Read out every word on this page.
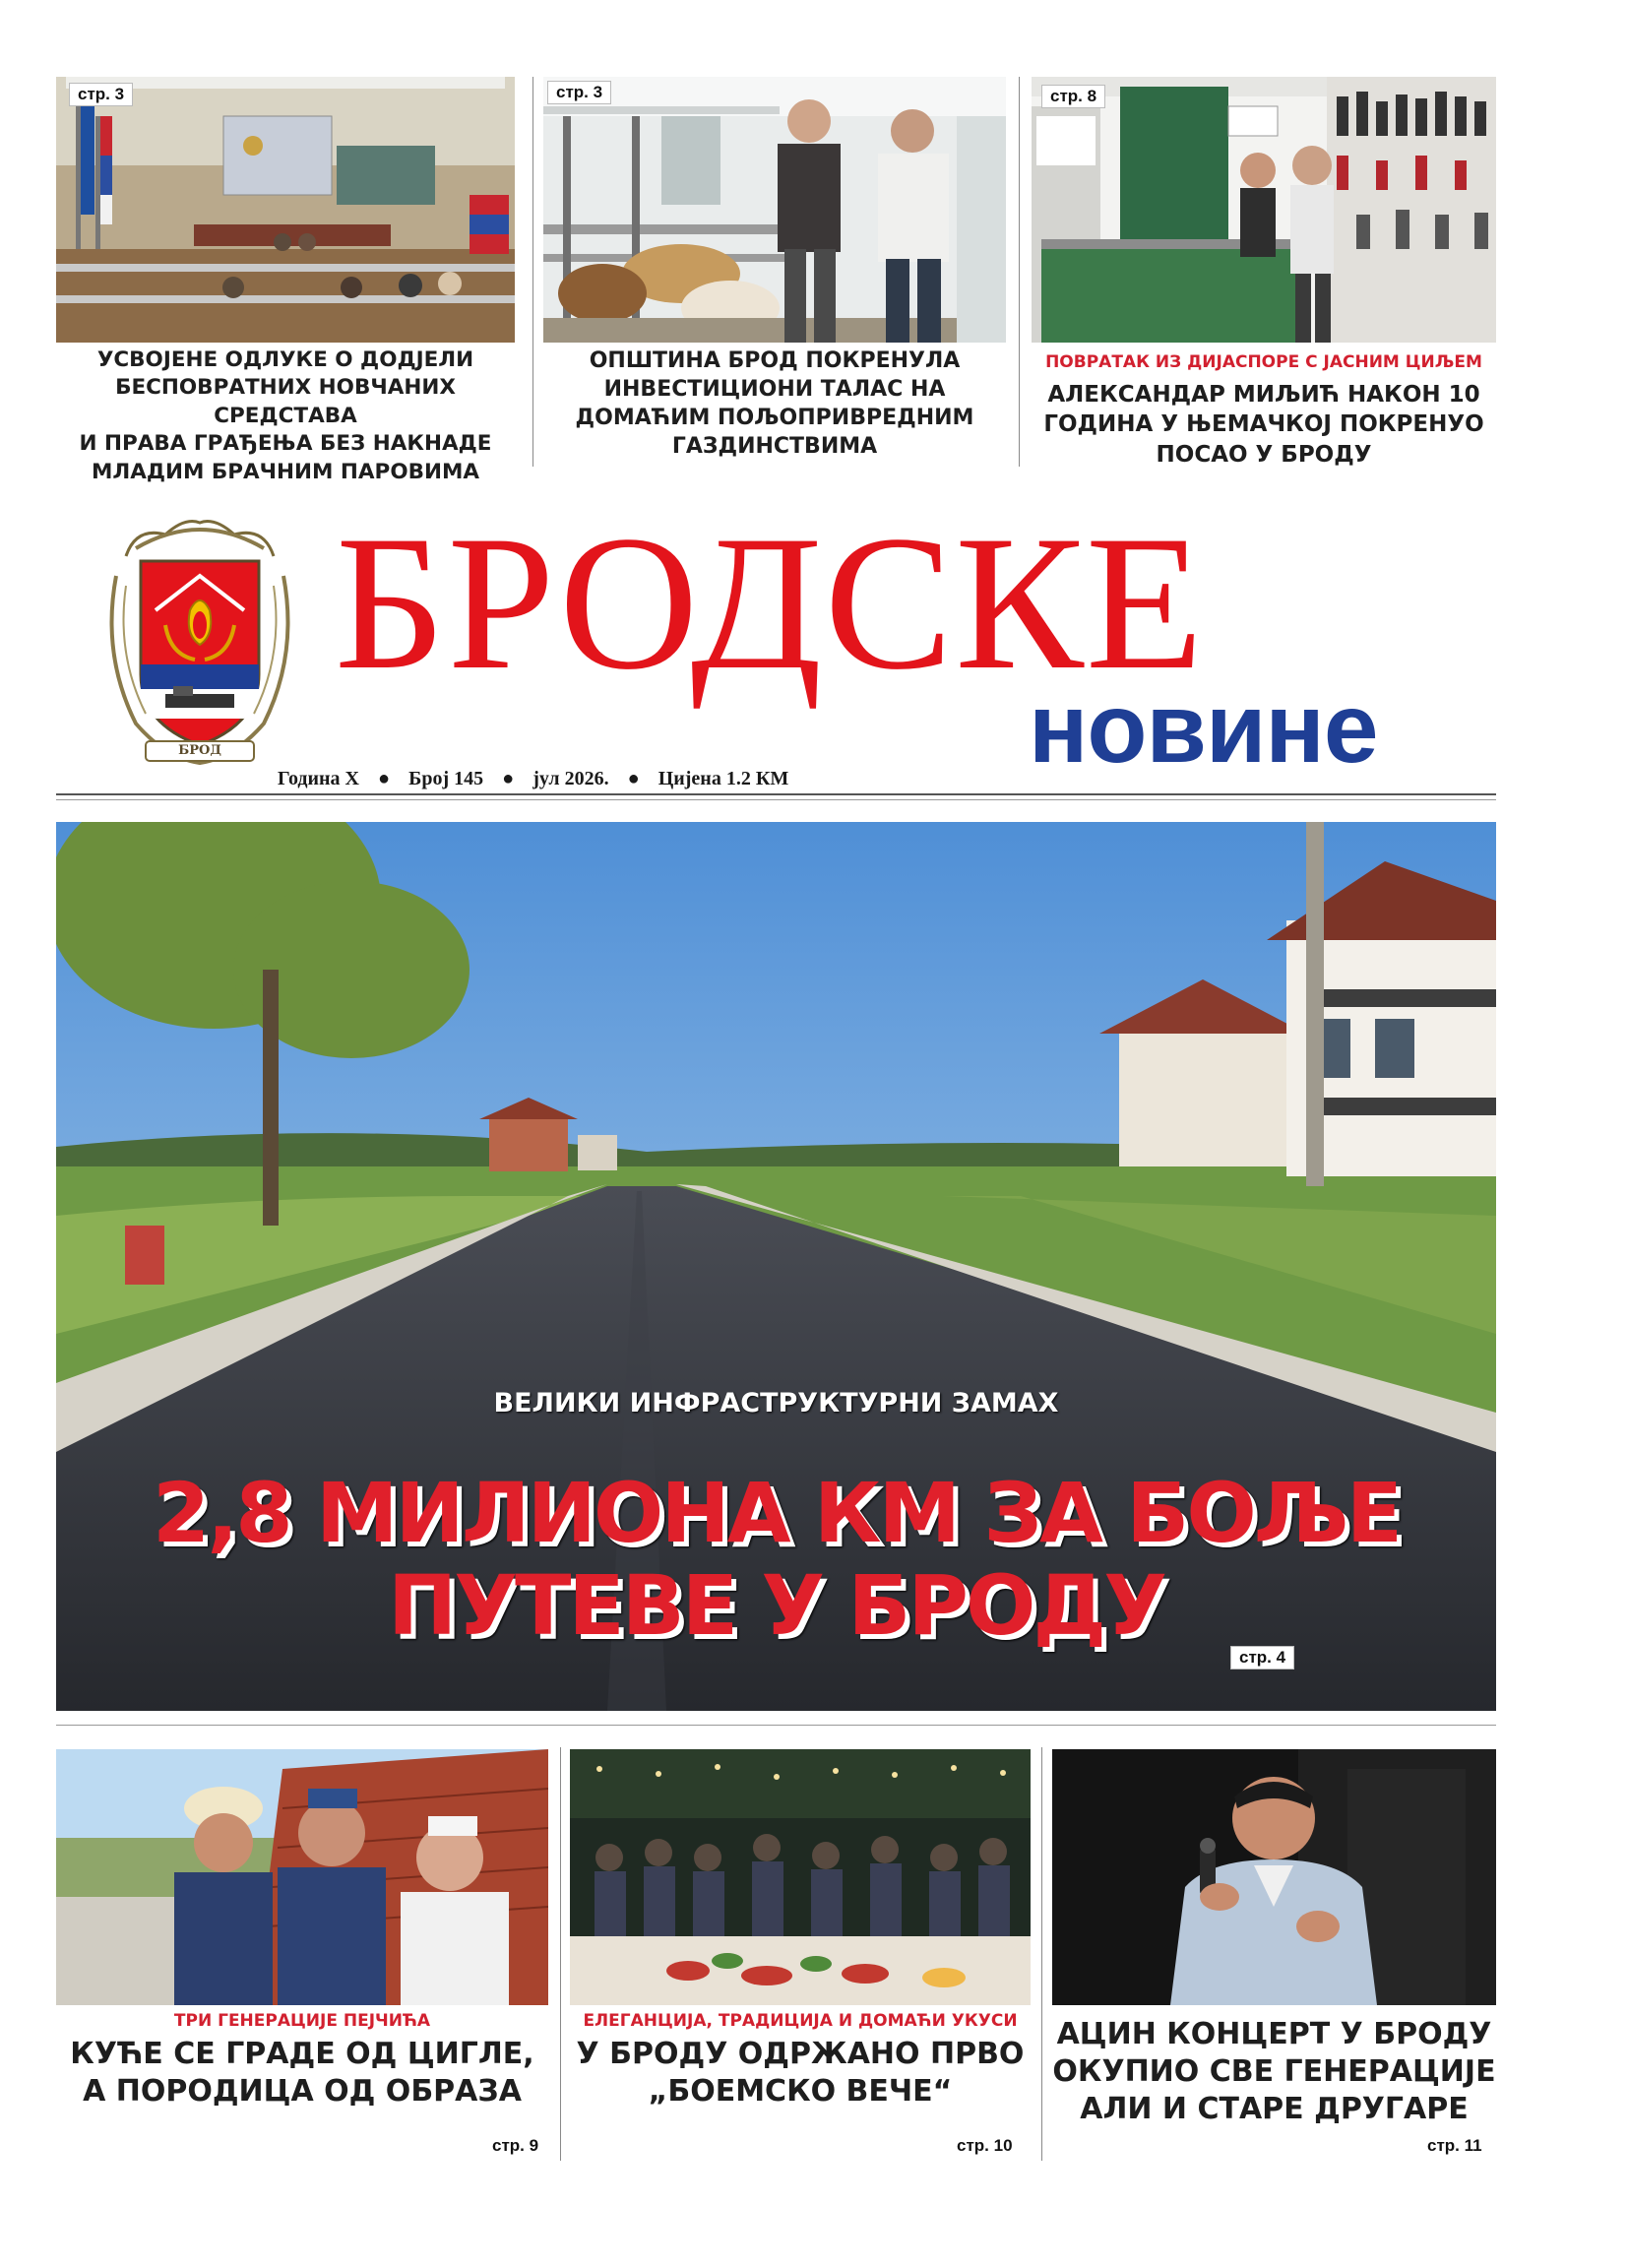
стр. 3
УСВОЈЕНЕ ОДЛУКЕ О ДОДЈЕЛИ
БЕСПОВРАТНИХ НОВЧАНИХ СРЕДСТАВА
И ПРАВА ГРАЂЕЊА БЕЗ НАКНАДЕ
МЛАДИМ БРАЧНИМ ПАРОВИМА
стр. 3
ОПШТИНА БРОД ПОКРЕНУЛА
ИНВЕСТИЦИОНИ ТАЛАС НА
ДОМАЋИМ ПОЉОПРИВРЕДНИМ
ГАЗДИНСТВИМА
стр. 8
ПОВРАТАК ИЗ ДИЈАСПОРЕ С ЈАСНИМ ЦИЉЕМ
АЛЕКСАНДАР МИЉИЋ НАКОН 10
ГОДИНА У ЊЕМАЧКОЈ ПОКРЕНУО
ПОСАО У БРОДУ
БРОД
БРОДСКЕ
новине
Година X ● Број 145 ● јул 2026. ● Цијена 1.2 КМ
ВЕЛИКИ ИНФРАСТРУКТУРНИ ЗАМАХ
2,8 МИЛИОНА КМ ЗА БОЉЕ
ПУТЕВЕ У БРОДУ
стр. 4
ТРИ ГЕНЕРАЦИЈЕ ПЕЈЧИЋА
КУЋЕ СЕ ГРАДЕ ОД ЦИГЛЕ,
А ПОРОДИЦА ОД ОБРАЗА
стр. 9
ЕЛЕГАНЦИЈА, ТРАДИЦИЈА И ДОМАЋИ УКУСИ
У БРОДУ ОДРЖАНО ПРВО
„БОЕМСКО ВЕЧЕ“
стр. 10
АЦИН КОНЦЕРТ У БРОДУ
ОКУПИО СВЕ ГЕНЕРАЦИЈЕ
АЛИ И СТАРЕ ДРУГАРЕ
стр. 11
